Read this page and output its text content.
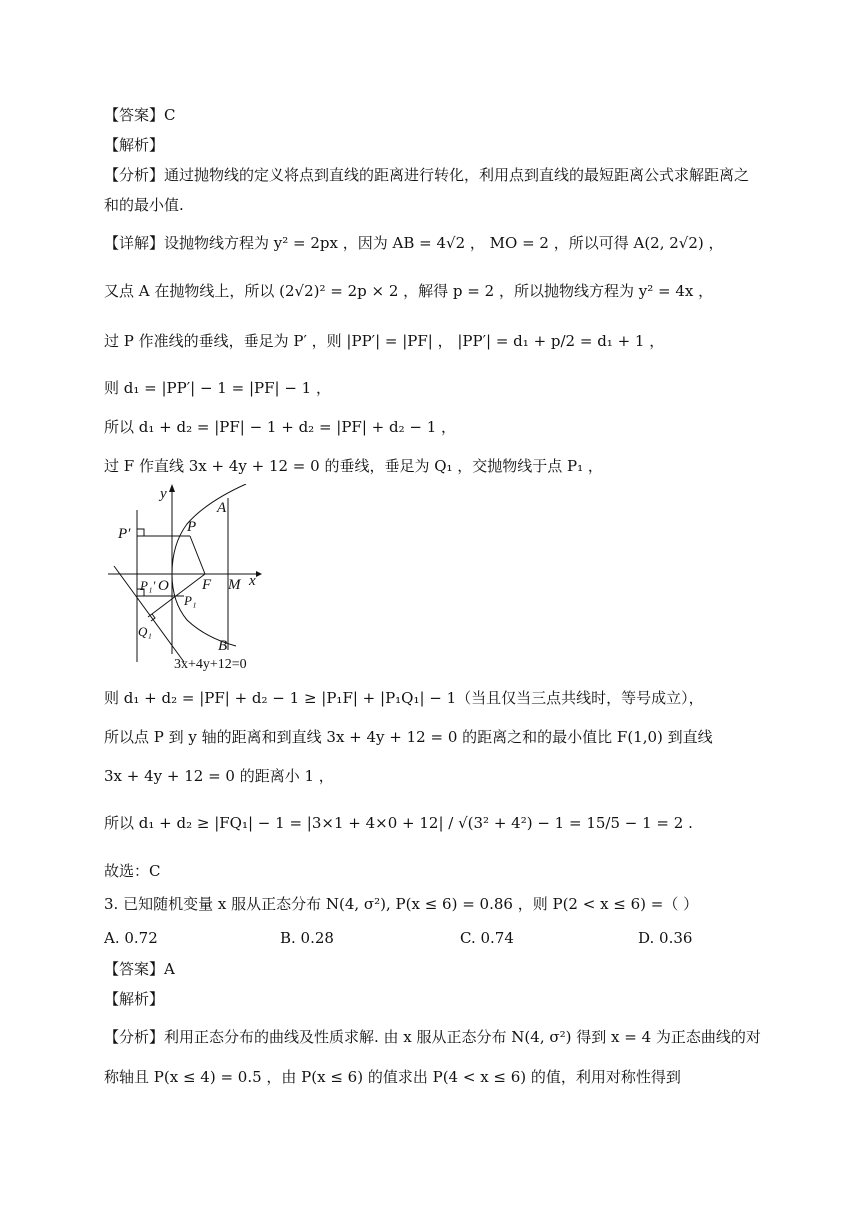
【答案】C
【解析】
【分析】通过抛物线的定义将点到直线的距离进行转化，利用点到直线的最短距离公式求解距离之
和的最小值.
【详解】设抛物线方程为 y² = 2px ，因为 AB = 4√2 ， MO = 2 ，所以可得 A(2, 2√2) ，
又点 A 在抛物线上，所以 (2√2)² = 2p × 2 ，解得 p = 2 ，所以抛物线方程为 y² = 4x ，
过 P 作准线的垂线，垂足为 P′ ，则 |PP′| = |PF| ， |PP′| = d₁ + p/2 = d₁ + 1 ，
则 d₁ = |PP′| − 1 = |PF| − 1 ，
所以 d₁ + d₂ = |PF| − 1 + d₂ = |PF| + d₂ − 1 ，
过 F 作直线 3x + 4y + 12 = 0 的垂线，垂足为 Q₁ ，交抛物线于点 P₁ ，
y
A
P
P′
P₁′ O F M x
P₁
Q₁
B
3x+4y+12=0
则 d₁ + d₂ = |PF| + d₂ − 1 ≥ |P₁F| + |P₁Q₁| − 1（当且仅当三点共线时，等号成立），
所以点 P 到 y 轴的距离和到直线 3x + 4y + 12 = 0 的距离之和的最小值比 F(1,0) 到直线
3x + 4y + 12 = 0 的距离小 1 ，
所以 d₁ + d₂ ≥ |FQ₁| − 1 = |3×1 + 4×0 + 12| / √(3² + 4²) − 1 = 15/5 − 1 = 2 .
故选：C
3. 已知随机变量 x 服从正态分布 N(4, σ²), P(x ≤ 6) = 0.86 ，则 P(2 < x ≤ 6) =（ ）
A. 0.72	B. 0.28	C. 0.74	D. 0.36
【答案】A
【解析】
【分析】利用正态分布的曲线及性质求解. 由 x 服从正态分布 N(4, σ²) 得到 x = 4 为正态曲线的对
称轴且 P(x ≤ 4) = 0.5 ，由 P(x ≤ 6) 的值求出 P(4 < x ≤ 6) 的值，利用对称性得到
